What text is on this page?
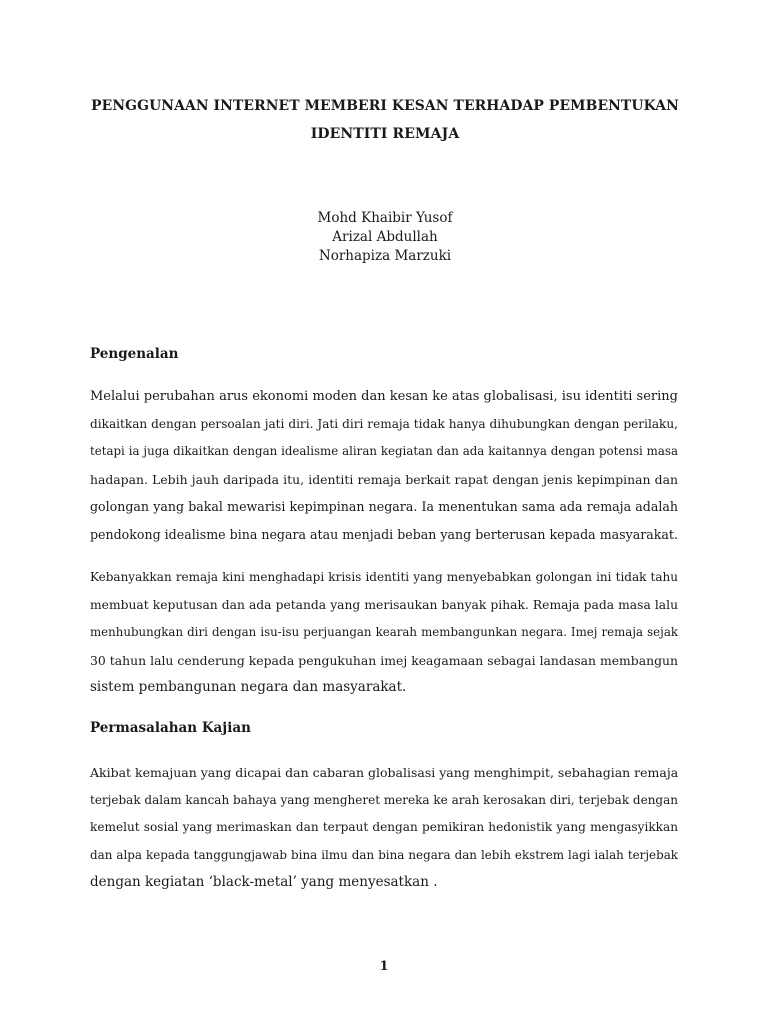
PENGGUNAAN INTERNET MEMBERI KESAN TERHADAP PEMBENTUKAN
IDENTITI REMAJA
Mohd Khaibir Yusof
Arizal Abdullah
Norhapiza Marzuki
Pengenalan

Melalui perubahan arus ekonomi moden dan kesan ke atas globalisasi, isu identiti sering
dikaitkan dengan persoalan jati diri. Jati diri remaja tidak hanya dihubungkan dengan perilaku,
tetapi ia juga dikaitkan dengan idealisme aliran kegiatan dan ada kaitannya dengan potensi masa
hadapan. Lebih jauh daripada itu, identiti remaja berkait rapat dengan jenis kepimpinan dan
golongan yang bakal mewarisi kepimpinan negara. Ia menentukan sama ada remaja adalah
pendokong idealisme bina negara atau menjadi beban yang berterusan kepada masyarakat.

Kebanyakkan remaja kini menghadapi krisis identiti yang menyebabkan golongan ini tidak tahu
membuat keputusan dan ada petanda yang merisaukan banyak pihak. Remaja pada masa lalu
menhubungkan diri dengan isu-isu perjuangan kearah membangunkan negara. Imej remaja sejak
30 tahun lalu cenderung kepada pengukuhan imej keagamaan sebagai landasan membangun
sistem pembangunan negara dan masyarakat.

Permasalahan Kajian

Akibat kemajuan yang dicapai dan cabaran globalisasi yang menghimpit, sebahagian remaja
terjebak dalam kancah bahaya yang mengheret mereka ke arah kerosakan diri, terjebak dengan
kemelut sosial yang merimaskan dan terpaut dengan pemikiran hedonistik yang mengasyikkan
dan alpa kepada tanggungjawab bina ilmu dan bina negara dan lebih ekstrem lagi ialah terjebak
dengan kegiatan ‘black-metal’ yang menyesatkan .

1
